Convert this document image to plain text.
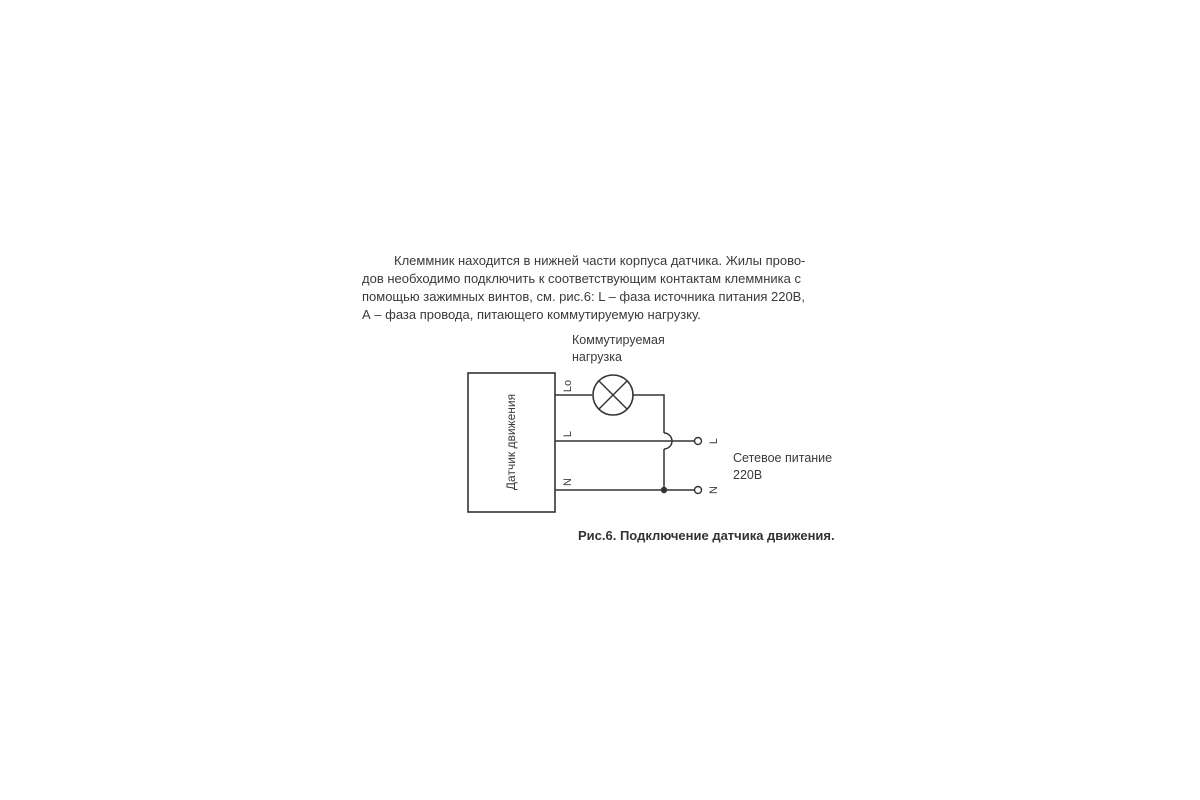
Клеммник находится в нижней части корпуса датчика. Жилы прово-
дов необходимо подключить к соответствующим контактам клеммника с
помощью зажимных винтов, см. рис.6: L – фаза источника питания 220В,
А – фаза провода, питающего коммутируемую нагрузку.
Датчик движения
Lo
L
N
L
N
Коммутируемая
нагрузка
Сетевое питание
220В
Рис.6. Подключение датчика движения.
